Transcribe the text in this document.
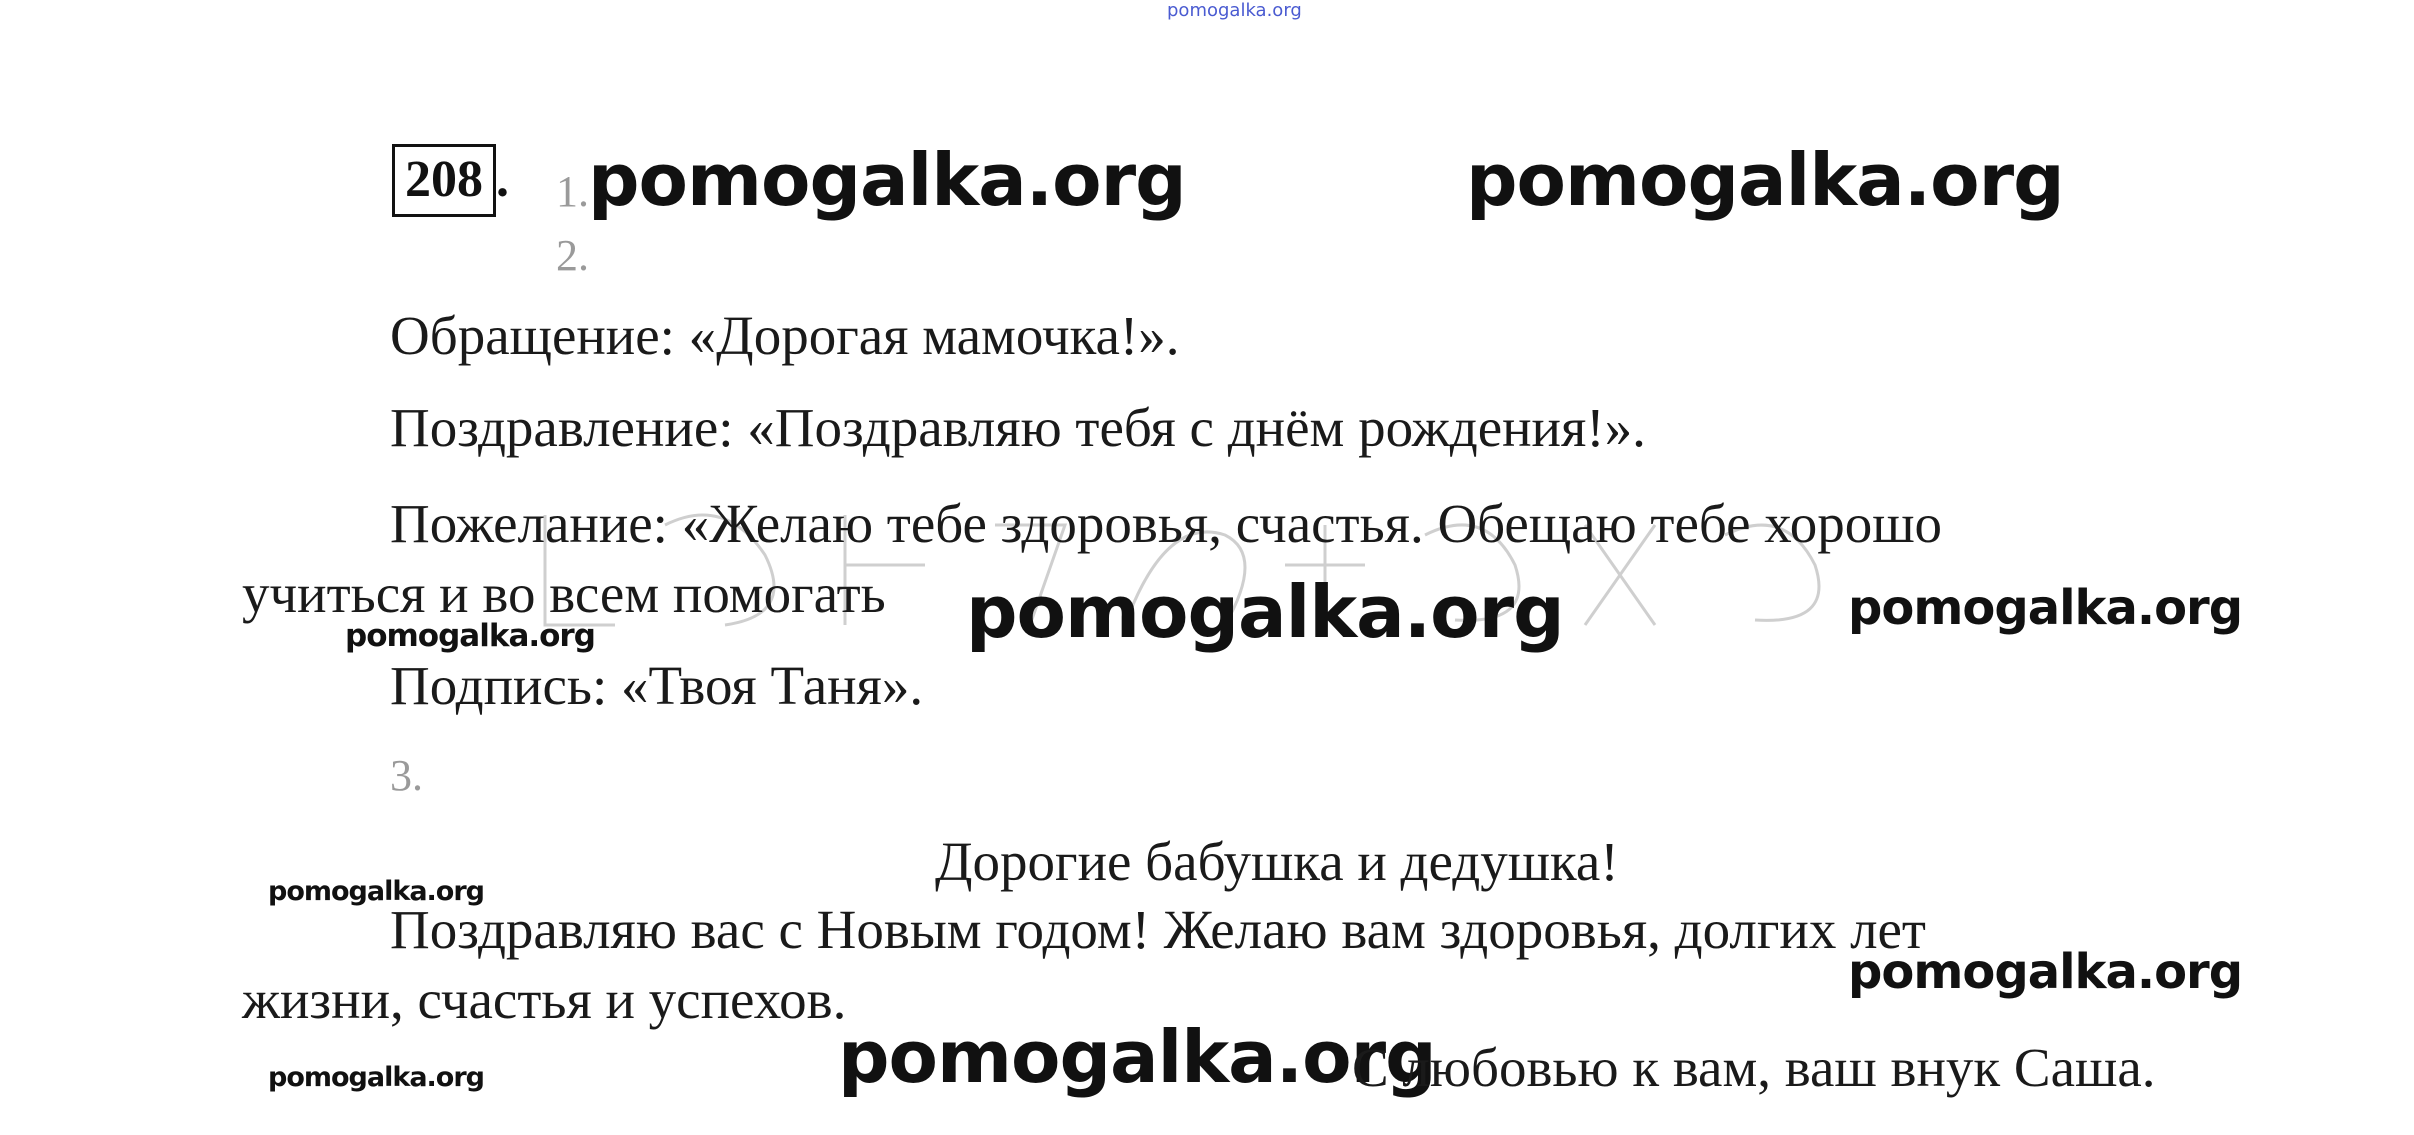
pomogalka.org
208 . 1.
2.
pomogalka.org	pomogalka.org
Обращение: «Дорогая мамочка!».
Поздравление: «Поздравляю тебя с днём рождения!».
Пожелание: «Желаю тебе здоровья, счастья. Обещаю тебе хорошо
учиться и во всем помогать pomogalka.org
pomogalka.org	pomogalka.org
Подпись: «Твоя Таня».
3.
Дорогие бабушка и дедушка!
pomogalka.org
Поздравляю вас с Новым годом! Желаю вам здоровья, долгих лет
жизни, счастья и успехов.	pomogalka.org
pomogalka.org
С любовью к вам, ваш внук Саша.
pomogalka.org
